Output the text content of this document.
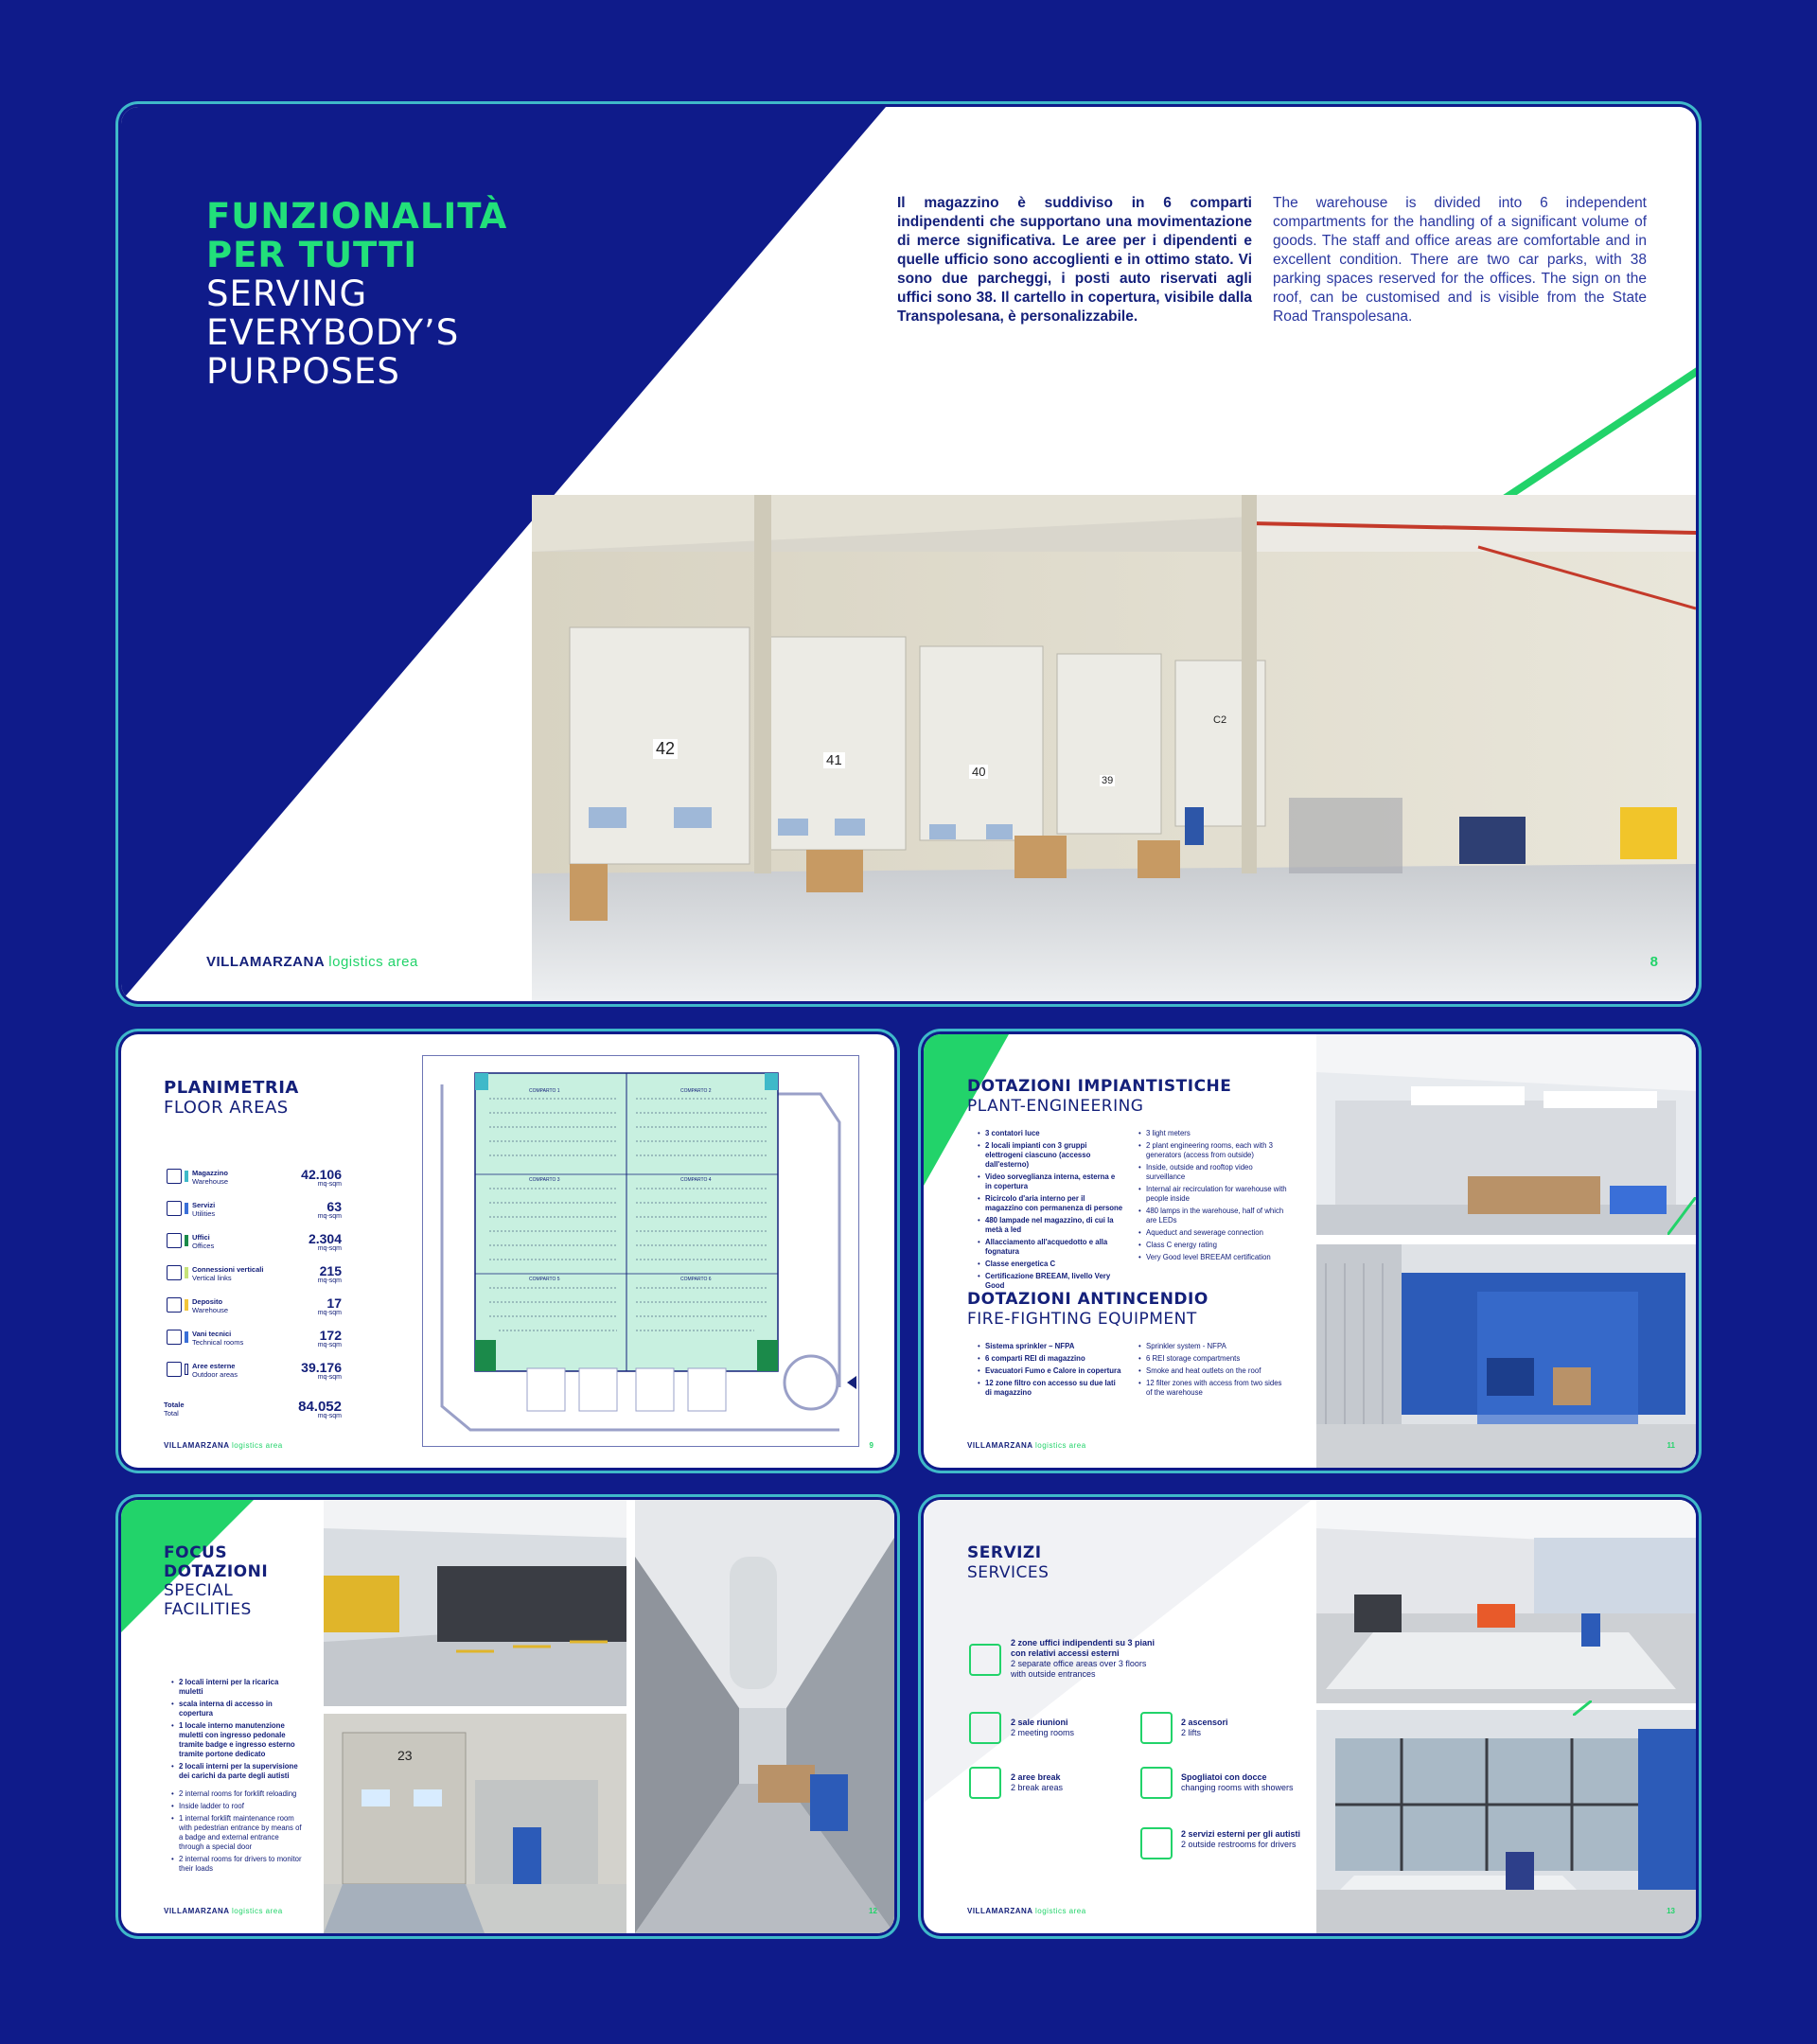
FUNZIONALITÀ
PER TUTTI
SERVING
EVERYBODY’S
PURPOSES
Il magazzino è suddiviso in 6 comparti indipendenti che supportano una movimentazione di merce significativa. Le aree per i dipendenti e quelle ufficio sono accoglienti e in ottimo stato. Vi sono due parcheggi, i posti auto riservati agli uffici sono 38. Il cartello in copertura, visibile dalla Transpolesana, è personalizzabile.
The warehouse is divided into 6 independent compartments for the handling of a significant volume of goods. The staff and office areas are comfortable and in excellent condition. There are two car parks, with 38 parking spaces reserved for the offices. The sign on the roof, can be customised and is visible from the State Road Transpolesana.
42
41
40
39
C2
VILLAMARZANA logistics area	8
PLANIMETRIA
FLOOR AREAS
Magazzino
Warehouse	42.106
mq-sqm
Servizi
Utilities	63
mq-sqm
Uffici
Offices	2.304
mq-sqm
Connessioni verticali
Vertical links	215
mq-sqm
Deposito
Warehouse	17
mq-sqm
Vani tecnici
Technical rooms	172
mq-sqm
Aree esterne
Outdoor areas	39.176
mq-sqm
Totale
Total	84.052
mq-sqm
COMPARTO 1	COMPARTO 2
COMPARTO 3	COMPARTO 4
COMPARTO 5	COMPARTO 6
VILLAMARZANA logistics area	9
DOTAZIONI IMPIANTISTICHE
PLANT-ENGINEERING
• 3 contatori luce
• 2 locali impianti con 3 gruppi elettrogeni ciascuno (accesso dall'esterno)
• Video sorveglianza interna, esterna e in copertura
• Ricircolo d'aria interno per il magazzino con permanenza di persone
• 480 lampade nel magazzino, di cui la metà a led
• Allacciamento all'acquedotto e alla fognatura
• Classe energetica C
• Certificazione BREEAM, livello Very Good
• 3 light meters
• 2 plant engineering rooms, each with 3 generators (access from outside)
• Inside, outside and rooftop video surveillance
• Internal air recirculation for warehouse with people inside
• 480 lamps in the warehouse, half of which are LEDs
• Aqueduct and sewerage connection
• Class C energy rating
• Very Good level BREEAM certification
DOTAZIONI ANTINCENDIO
FIRE-FIGHTING EQUIPMENT
• Sistema sprinkler – NFPA
• 6 comparti REI di magazzino
• Evacuatori Fumo e Calore in copertura
• 12 zone filtro con accesso su due lati di magazzino
• Sprinkler system - NFPA
• 6 REI storage compartments
• Smoke and heat outlets on the roof
• 12 filter zones with access from two sides of the warehouse
VILLAMARZANA logistics area	11
FOCUS
DOTAZIONI
SPECIAL
FACILITIES
• 2 locali interni per la ricarica muletti
• scala interna di accesso in copertura
• 1 locale interno manutenzione muletti con ingresso pedonale tramite badge e ingresso esterno tramite portone dedicato
• 2 locali interni per la supervisione dei carichi da parte degli autisti
• 2 internal rooms for forklift reloading
• Inside ladder to roof
• 1 internal forklift maintenance room with pedestrian entrance by means of a badge and external entrance through a special door
• 2 internal rooms for drivers to monitor their loads
23
VILLAMARZANA logistics area	12
SERVIZI
SERVICES
2 zone uffici indipendenti su 3 piani con relativi accessi esterni
2 separate office areas over 3 floors with outside entrances
2 sale riunioni
2 meeting rooms
2 ascensori
2 lifts
2 aree break
2 break areas
Spogliatoi con docce
changing rooms with showers
2 servizi esterni per gli autisti
2 outside restrooms for drivers
VILLAMARZANA logistics area	13
